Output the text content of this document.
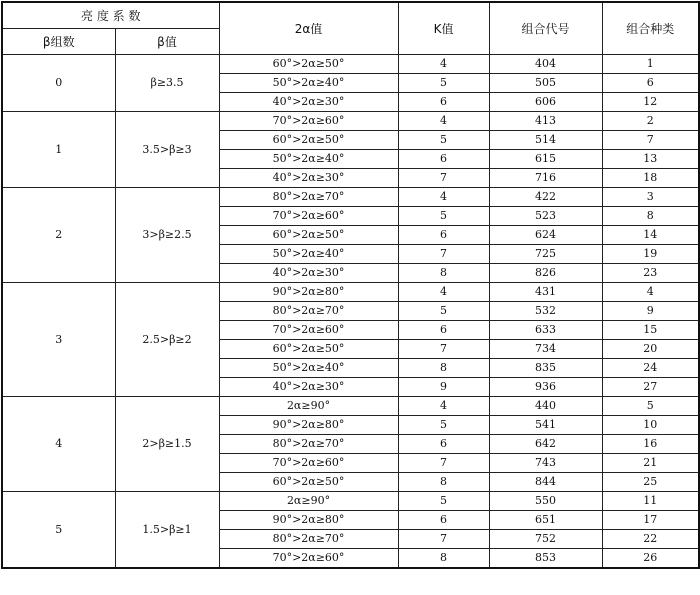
亮 度 系 数		2α值	K值	组合代号	组合种类
β组数	β值				
0	β≥3.5	60°>2α≥50°	4	404	1
		50°>2α≥40°	5	505	6
		40°>2α≥30°	6	606	12
1	3.5>β≥3	70°>2α≥60°	4	413	2
		60°>2α≥50°	5	514	7
		50°>2α≥40°	6	615	13
		40°>2α≥30°	7	716	18
2	3>β≥2.5	80°>2α≥70°	4	422	3
		70°>2α≥60°	5	523	8
		60°>2α≥50°	6	624	14
		50°>2α≥40°	7	725	19
		40°>2α≥30°	8	826	23
3	2.5>β≥2	90°>2α≥80°	4	431	4
		80°>2α≥70°	5	532	9
		70°>2α≥60°	6	633	15
		60°>2α≥50°	7	734	20
		50°>2α≥40°	8	835	24
		40°>2α≥30°	9	936	27
4	2>β≥1.5	2α≥90°	4	440	5
		90°>2α≥80°	5	541	10
		80°>2α≥70°	6	642	16
		70°>2α≥60°	7	743	21
		60°>2α≥50°	8	844	25
5	1.5>β≥1	2α≥90°	5	550	11
		90°>2α≥80°	6	651	17
		80°>2α≥70°	7	752	22
		70°>2α≥60°	8	853	26
